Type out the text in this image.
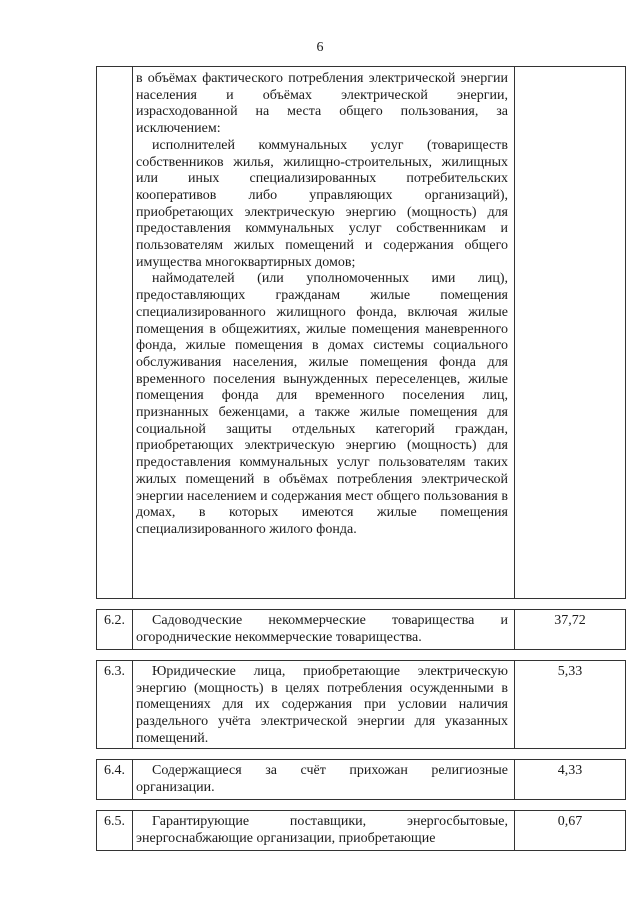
6

	в объёмах фактического потребления электрической энергии населения и объёмах электрической энергии, израсходованной на места общего пользования, за исключением:

исполнителей коммунальных услуг (товариществ собственников жилья, жилищно-строительных, жилищных или иных специализированных потребительских кооперативов либо управляющих организаций), приобретающих электрическую энергию (мощность) для предоставления коммунальных услуг собственникам и пользователям жилых помещений и содержания общего имущества многоквартирных домов;

наймодателей (или уполномоченных ими лиц), предоставляющих гражданам жилые помещения специализированного жилищного фонда, включая жилые помещения в общежитиях, жилые помещения маневренного фонда, жилые помещения в домах системы социального обслуживания населения, жилые помещения фонда для временного поселения вынужденных переселенцев, жилые помещения фонда для временного поселения лиц, признанных беженцами, а также жилые помещения для социальной защиты отдельных категорий граждан, приобретающих электрическую энергию (мощность) для предоставления коммунальных услуг пользователям таких жилых помещений в объёмах потребления электрической энергии населением и содержания мест общего пользования в домах, в которых имеются жилые помещения специализированного жилого фонда.	

6.2.	Садоводческие некоммерческие товарищества и огороднические некоммерческие товарищества.	37,72

6.3.	Юридические лица, приобретающие электрическую энергию (мощность) в целях потребления осужденными в помещениях для их содержания при условии наличия раздельного учёта электрической энергии для указанных помещений.	5,33

6.4.	Содержащиеся за счёт прихожан религиозные организации.	4,33

6.5.	Гарантирующие поставщики, энергосбытовые, энергоснабжающие организации, приобретающие	0,67
